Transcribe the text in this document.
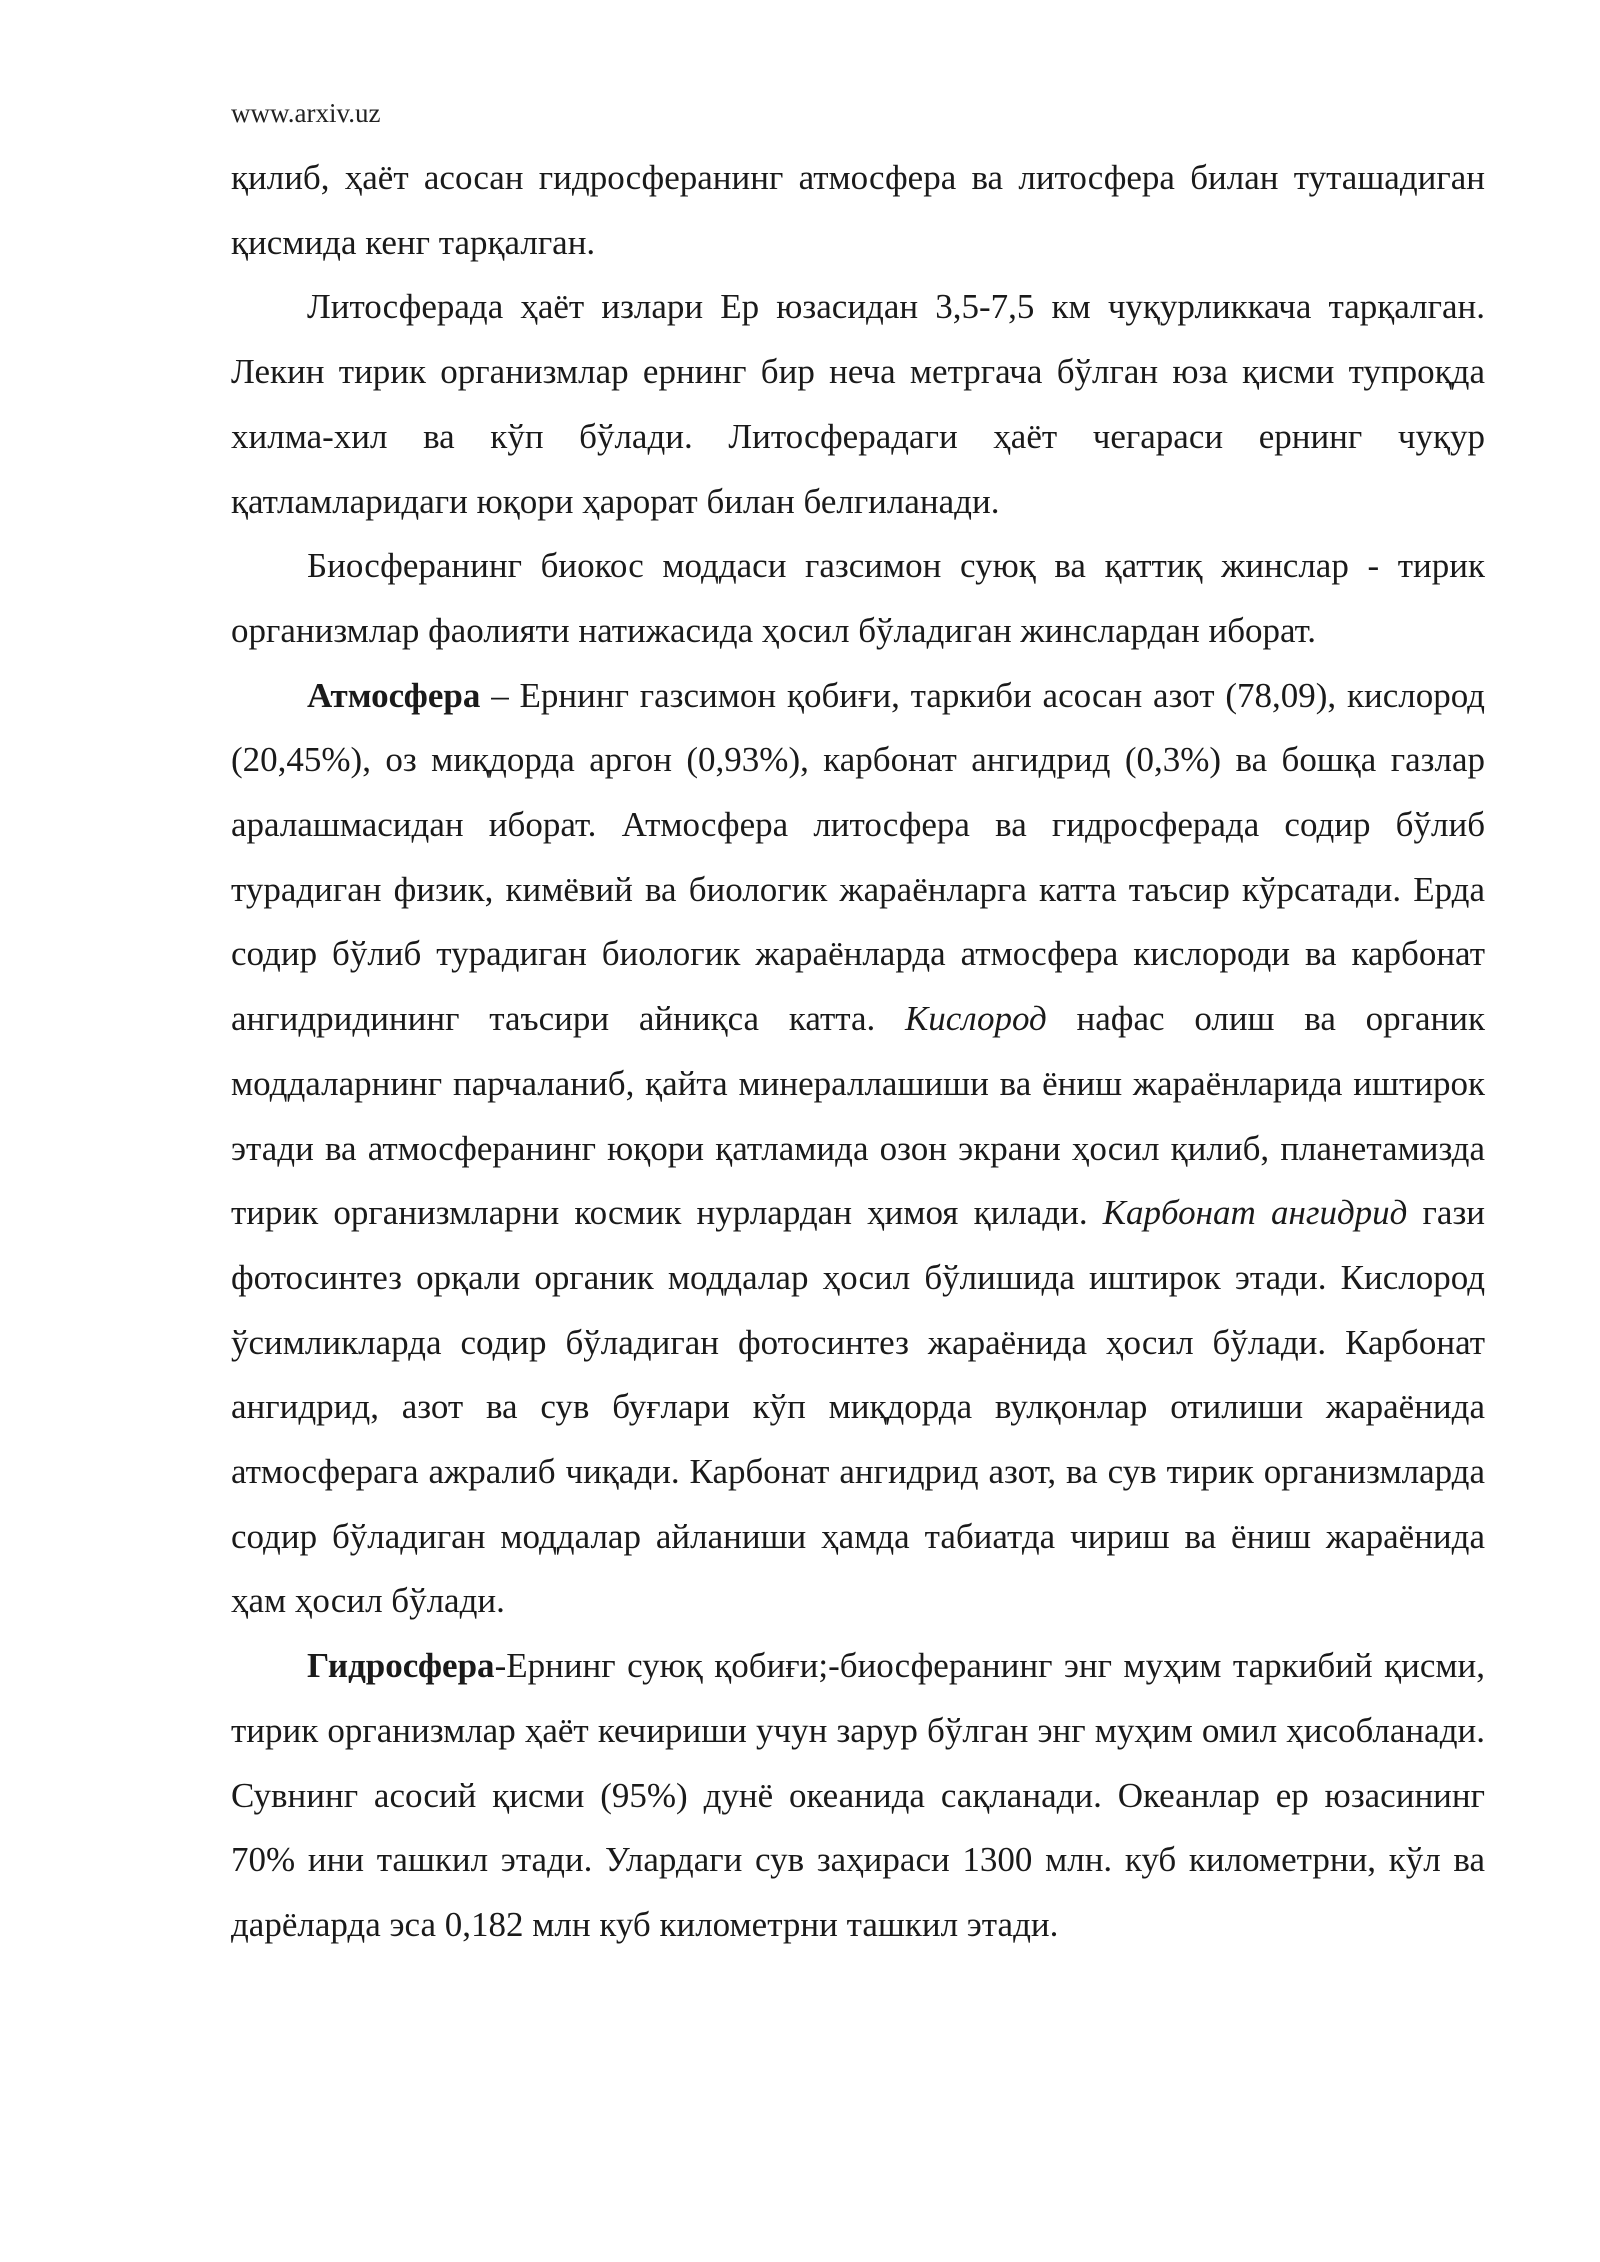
www.arxiv.uz

қилиб, ҳаёт асосан гидросферанинг атмосфера ва литосфера билан туташадиган қисмида кенг тарқалган.

Литосферада ҳаёт излари Ер юзасидан 3,5-7,5 км чуқурликкача тарқалган. Лекин тирик организмлар ернинг бир неча метргача бўлган юза қисми тупроқда хилма-хил ва кўп бўлади. Литосферадаги ҳаёт чегараси ернинг чуқур қатламларидаги юқори ҳарорат билан белгиланади.

Биосферанинг биокос моддаси газсимон суюқ ва қаттиқ жинслар - тирик организмлар фаолияти натижасида ҳосил бўладиган жинслардан иборат.

Атмосфера – Ернинг газсимон қобиғи, таркиби асосан азот (78,09), кислород (20,45%), оз миқдорда аргон (0,93%), карбонат ангидрид (0,3%) ва бошқа газлар аралашмасидан иборат. Атмосфера литосфера ва гидросферада содир бўлиб турадиган физик, кимёвий ва биологик жараёнларга катта таъсир кўрсатади. Ерда содир бўлиб турадиган биологик жараёнларда атмосфера кислороди ва карбонат ангидридининг таъсири айниқса катта. Кислород нафас олиш ва органик моддаларнинг парчаланиб, қайта минераллашиши ва ёниш жараёнларида иштирок этади ва атмосферанинг юқори қатламида озон экрани ҳосил қилиб, планетамизда тирик организмларни космик нурлардан ҳимоя қилади. Карбонат ангидрид гази фотосинтез орқали органик моддалар ҳосил бўлишида иштирок этади. Кислород ўсимликларда содир бўладиган фотосинтез жараёнида ҳосил бўлади. Карбонат ангидрид, азот ва сув буғлари кўп миқдорда вулқонлар отилиши жараёнида атмосферага ажралиб чиқади. Карбонат ангидрид азот, ва сув тирик организмларда содир бўладиган моддалар айланиши ҳамда табиатда чириш ва ёниш жараёнида ҳам ҳосил бўлади.

Гидросфера-Ернинг суюқ қобиғи;-биосферанинг энг муҳим таркибий қисми, тирик организмлар ҳаёт кечириши учун зарур бўлган энг муҳим омил ҳисобланади. Сувнинг асосий қисми (95%) дунё океанида сақланади. Океанлар ер юзасининг 70% ини ташкил этади. Улардаги сув заҳираси 1300 млн. куб километрни, кўл ва дарёларда эса 0,182 млн куб километрни ташкил этади.
